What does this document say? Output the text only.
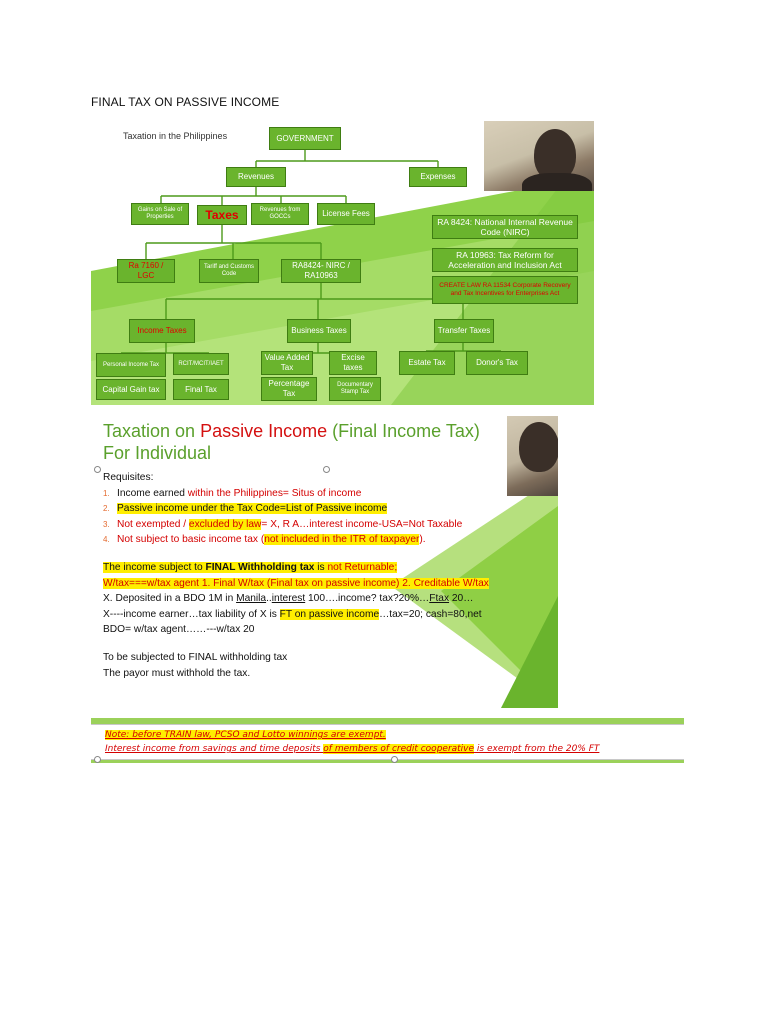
FINAL TAX ON PASSIVE INCOME
Taxation in the Philippines	GOVERNMENT
Revenues	Expenses
Gains on Sale of Properties	Taxes	Revenues from GOCCs	License Fees
RA 8424: National Internal Revenue Code (NIRC)
RA 10963: Tax Reform for Acceleration and Inclusion Act
CREATE LAW RA 11534 Corporate Recovery and Tax Incentives for Enterprises Act
Ra 7160 / LGC
Tariff and Customs Code
RA8424- NIRC / RA10963
Income Taxes	Business Taxes	Transfer Taxes
Personal Income Tax	RCIT/MCIT/IAET
Value Added Tax
Excise taxes
Estate Tax	Donor's Tax
Capital Gain tax	Final Tax
Percentage Tax
Documentary Stamp Tax
Taxation on Passive Income (Final Income Tax)
For Individual

Requisites:

1. Income earned within the Philippines= Situs of income

2. Passive income under the Tax Code=List of Passive income

3. Not exempted / excluded by law= X, R A…interest income-USA=Not Taxable

4. Not subject to basic income tax (not included in the ITR of taxpayer).

The income subject to FINAL Withholding tax is not Returnable;

W/tax===w/tax agent 1. Final W/tax (Final tax on passive income) 2. Creditable W/tax

X. Deposited in a BDO 1M in Manila..interest 100….income? tax?20%…Ftax 20…

X----income earner…tax liability of X is FT on passive income…tax=20; cash=80,net

BDO= w/tax agent……---w/tax 20

To be subjected to FINAL withholding tax

The payor must withhold the tax.

Note: before TRAIN law, PCSO and Lotto winnings are exempt.

Interest income from savings and time deposits of members of credit cooperative is exempt from the 20% FT
